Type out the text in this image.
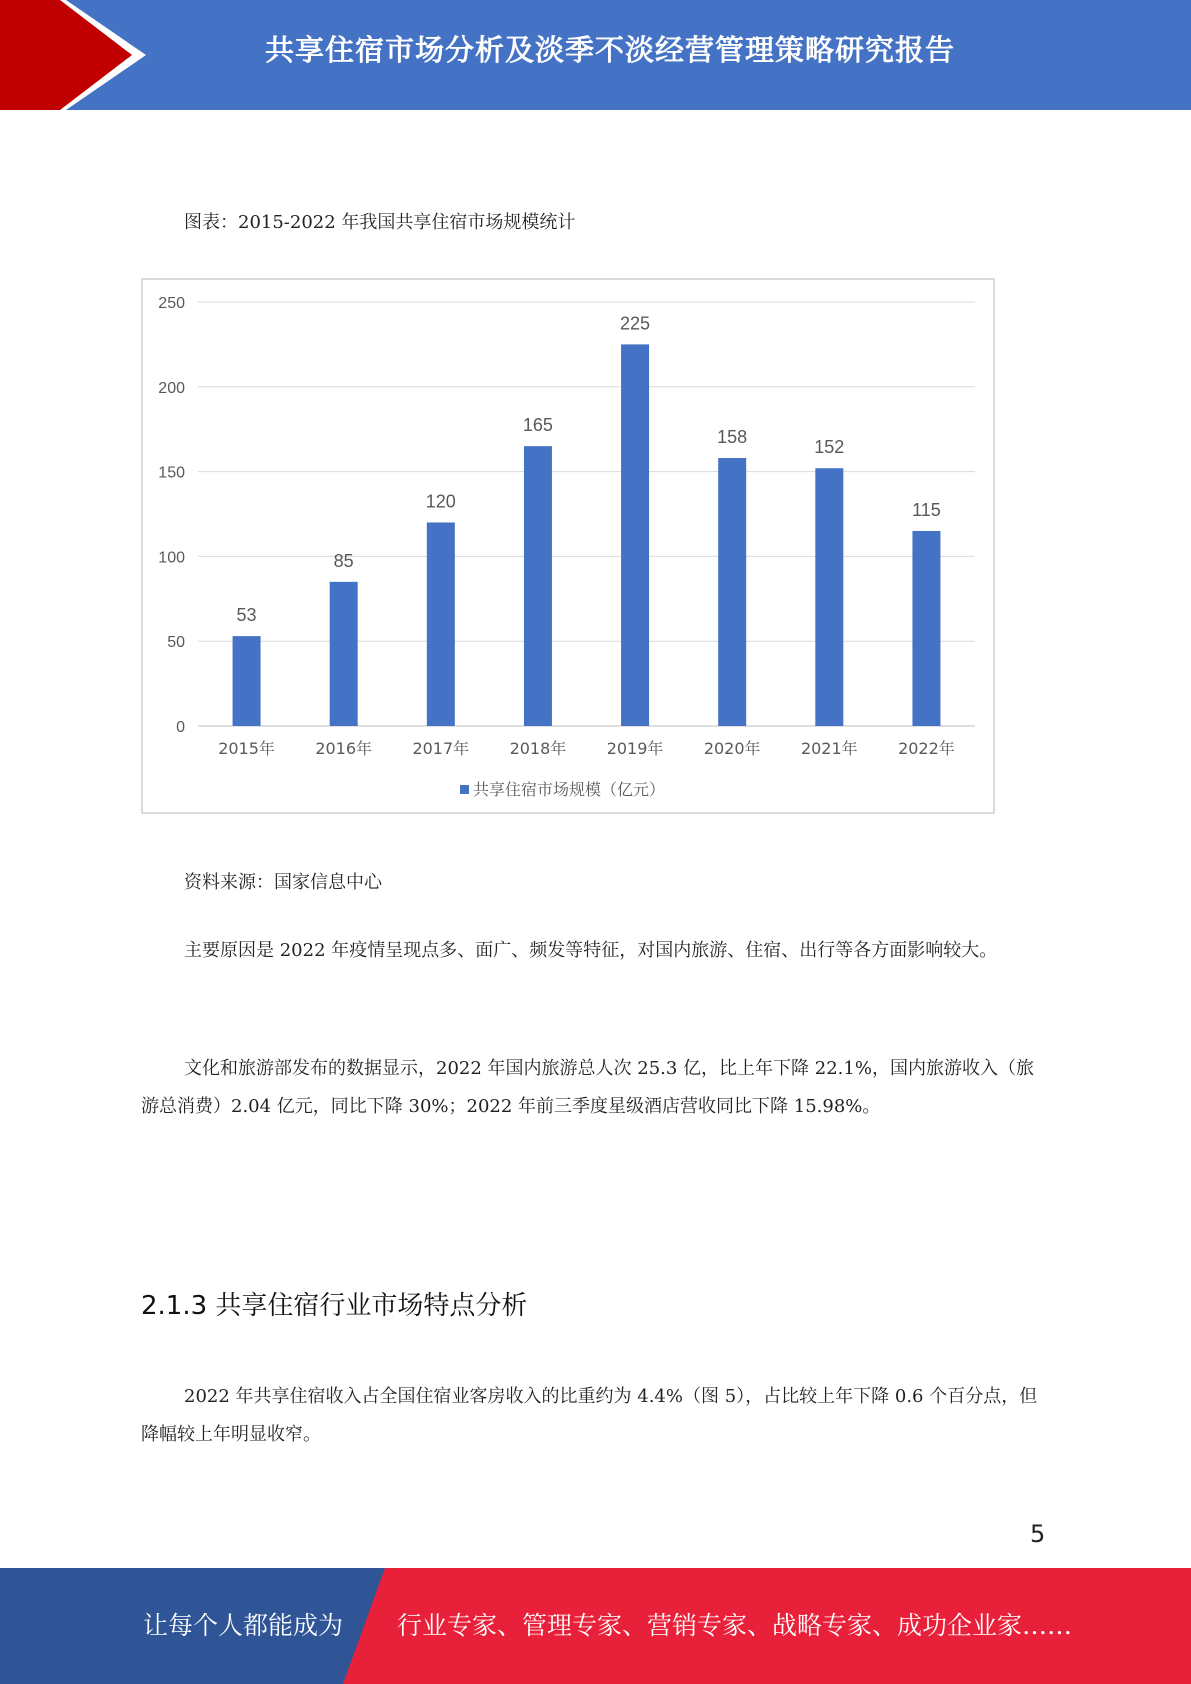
共享住宿市场分析及淡季不淡经营管理策略研究报告
图表：2015-2022 年我国共享住宿市场规模统计
0
50
100
150
200
250
53
2015年
85
2016年
120
2017年
165
2018年
225
2019年
158
2020年
152
2021年
115
2022年
共享住宿市场规模（亿元）
资料来源：国家信息中心
主要原因是 2022 年疫情呈现点多、面广、频发等特征，对国内旅游、住宿、出行等各方面影响较大。
文化和旅游部发布的数据显示，2022 年国内旅游总人次 25.3 亿，比上年下降 22.1%，国内旅游收入（旅游总消费）2.04 亿元，同比下降 30%；2022 年前三季度星级酒店营收同比下降 15.98%。
2.1.3 共享住宿行业市场特点分析
2022 年共享住宿收入占全国住宿业客房收入的比重约为 4.4%（图 5），占比较上年下降 0.6 个百分点，但降幅较上年明显收窄。
5
让每个人都能成为 行业专家、管理专家、营销专家、战略专家、成功企业家……
